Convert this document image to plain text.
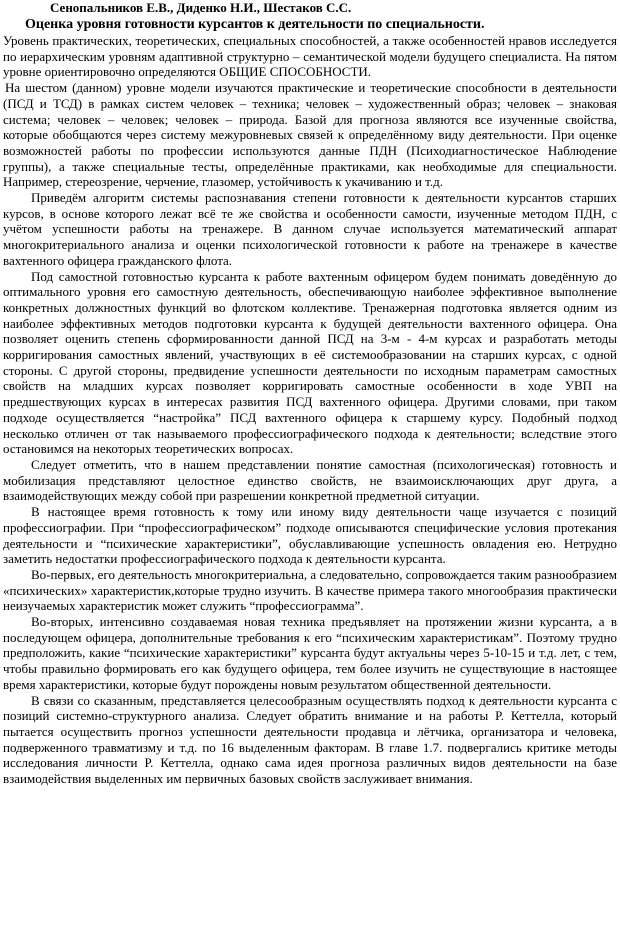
Сенопальников Е.В., Диденко Н.И., Шестаков С.С.

Оценка уровня готовности курсантов к деятельности по специальности.

Уровень практических, теоретических, специальных способностей, а также особенностей нравов исследуется по иерархическим уровням адаптивной структурно – семантической модели будущего специалиста. На пятом уровне ориентировочно определяются ОБЩИЕ СПОСОБНОСТИ.

На шестом (данном) уровне модели изучаются практические и теоретические способности в деятельности (ПСД и ТСД) в рамках систем человек – техника; человек – художественный образ; человек – знаковая система; человек – человек; человек – природа. Базой для прогноза являются все изученные свойства, которые обобщаются через систему межуровневых связей к определённому виду деятельности. При оценке возможностей работы по профессии используются данные ПДН (Психодиагностическое Наблюдение группы), а также специальные тесты, определённые практиками, как необходимые для специальности. Например, стереозрение, черчение, глазомер, устойчивость к укачиванию и т.д.

Приведём алгоритм системы распознавания степени готовности к деятельности курсантов старших курсов, в основе которого лежат всё те же свойства и особенности самости, изученные методом ПДН, с учётом успешности работы на тренажере. В данном случае используется математический аппарат многокритериального анализа и оценки психологической готовности к работе на тренажере в качестве вахтенного офицера гражданского флота.

Под самостной готовностью курсанта к работе вахтенным офицером будем понимать доведённую до оптимального уровня его самостную деятельность, обеспечивающую наиболее эффективное выполнение конкретных должностных функций во флотском коллективе. Тренажерная подготовка является одним из наиболее эффективных методов подготовки курсанта к будущей деятельности вахтенного офицера. Она позволяет оценить степень сформированности данной ПСД на 3-м - 4-м курсах и разработать методы корригирования самостных явлений, участвующих в её системообразовании на старших курсах, с одной стороны. С другой стороны, предвидение успешности деятельности по исходным параметрам самостных свойств на младших курсах позволяет корригировать самостные особенности в ходе УВП на предшествующих курсах в интересах развития ПСД вахтенного офицера. Другими словами, при таком подходе осуществляется “настройка” ПСД вахтенного офицера к старшему курсу. Подобный подход несколько отличен от так называемого профессиографического подхода к деятельности; вследствие этого остановимся на некоторых теоретических вопросах.

Следует отметить, что в нашем представлении понятие самостная (психологическая) готовность и мобилизация представляют целостное единство свойств, не взаимоисключающих друг друга, а взаимодействующих между собой при разрешении конкретной предметной ситуации.

В настоящее время готовность к тому или иному виду деятельности чаще изучается с позиций профессиографии. При “профессиографическом” подходе описываются специфические условия протекания деятельности и “психические характеристики”, обуславливающие успешность овладения ею. Нетрудно заметить недостатки профессиографического подхода к деятельности курсанта.

Во-первых, его деятельность многокритериальна, а следовательно, сопровождается таким разнообразием «психических» характеристик,которые трудно изучить. В качестве примера такого многообразия практически неизучаемых характеристик может служить “профессиограмма”.

Во-вторых, интенсивно создаваемая новая техника предъявляет на протяжении жизни курсанта, а в последующем офицера, дополнительные требования к его “психическим характеристикам”. Поэтому трудно предположить, какие “психические характеристики” курсанта будут актуальны через 5-10-15 и т.д. лет, с тем, чтобы правильно формировать его как будущего офицера, тем более изучить не существующие в настоящее время характеристики, которые будут порождены новым результатом общественной деятельности.

В связи со сказанным, представляется целесообразным осуществлять подход к деятельности курсанта с позиций системно-структурного анализа. Следует обратить внимание и на работы Р. Кеттелла, который пытается осуществить прогноз успешности деятельности продавца и лётчика, организатора и человека, подверженного травматизму и т.д. по 16 выделенным факторам. В главе 1.7. подвергались критике методы исследования личности Р. Кеттелла, однако сама идея прогноза различных видов деятельности на базе взаимодействия выделенных им первичных базовых свойств заслуживает внимания.
